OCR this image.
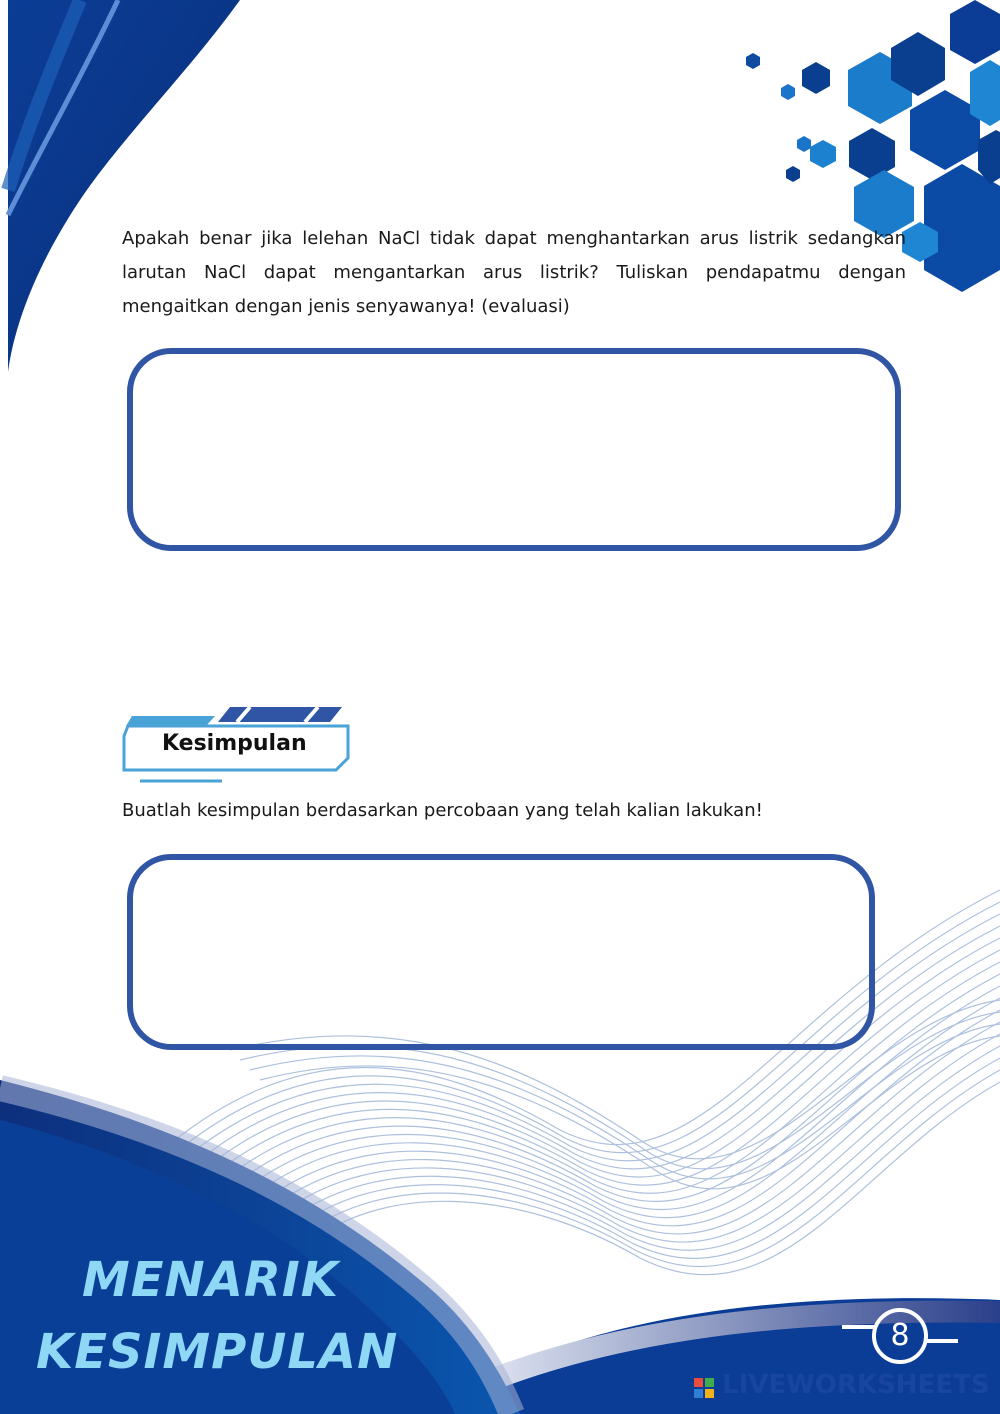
Apakah benar jika lelehan NaCl tidak dapat menghantarkan arus listrik sedangkan larutan NaCl dapat mengantarkan arus listrik? Tuliskan pendapatmu dengan mengaitkan dengan jenis senyawanya! (evaluasi)
Kesimpulan
Buatlah kesimpulan berdasarkan percobaan yang telah kalian lakukan!
MENARIK
KESIMPULAN	8
LIVEWORKSHEETS
